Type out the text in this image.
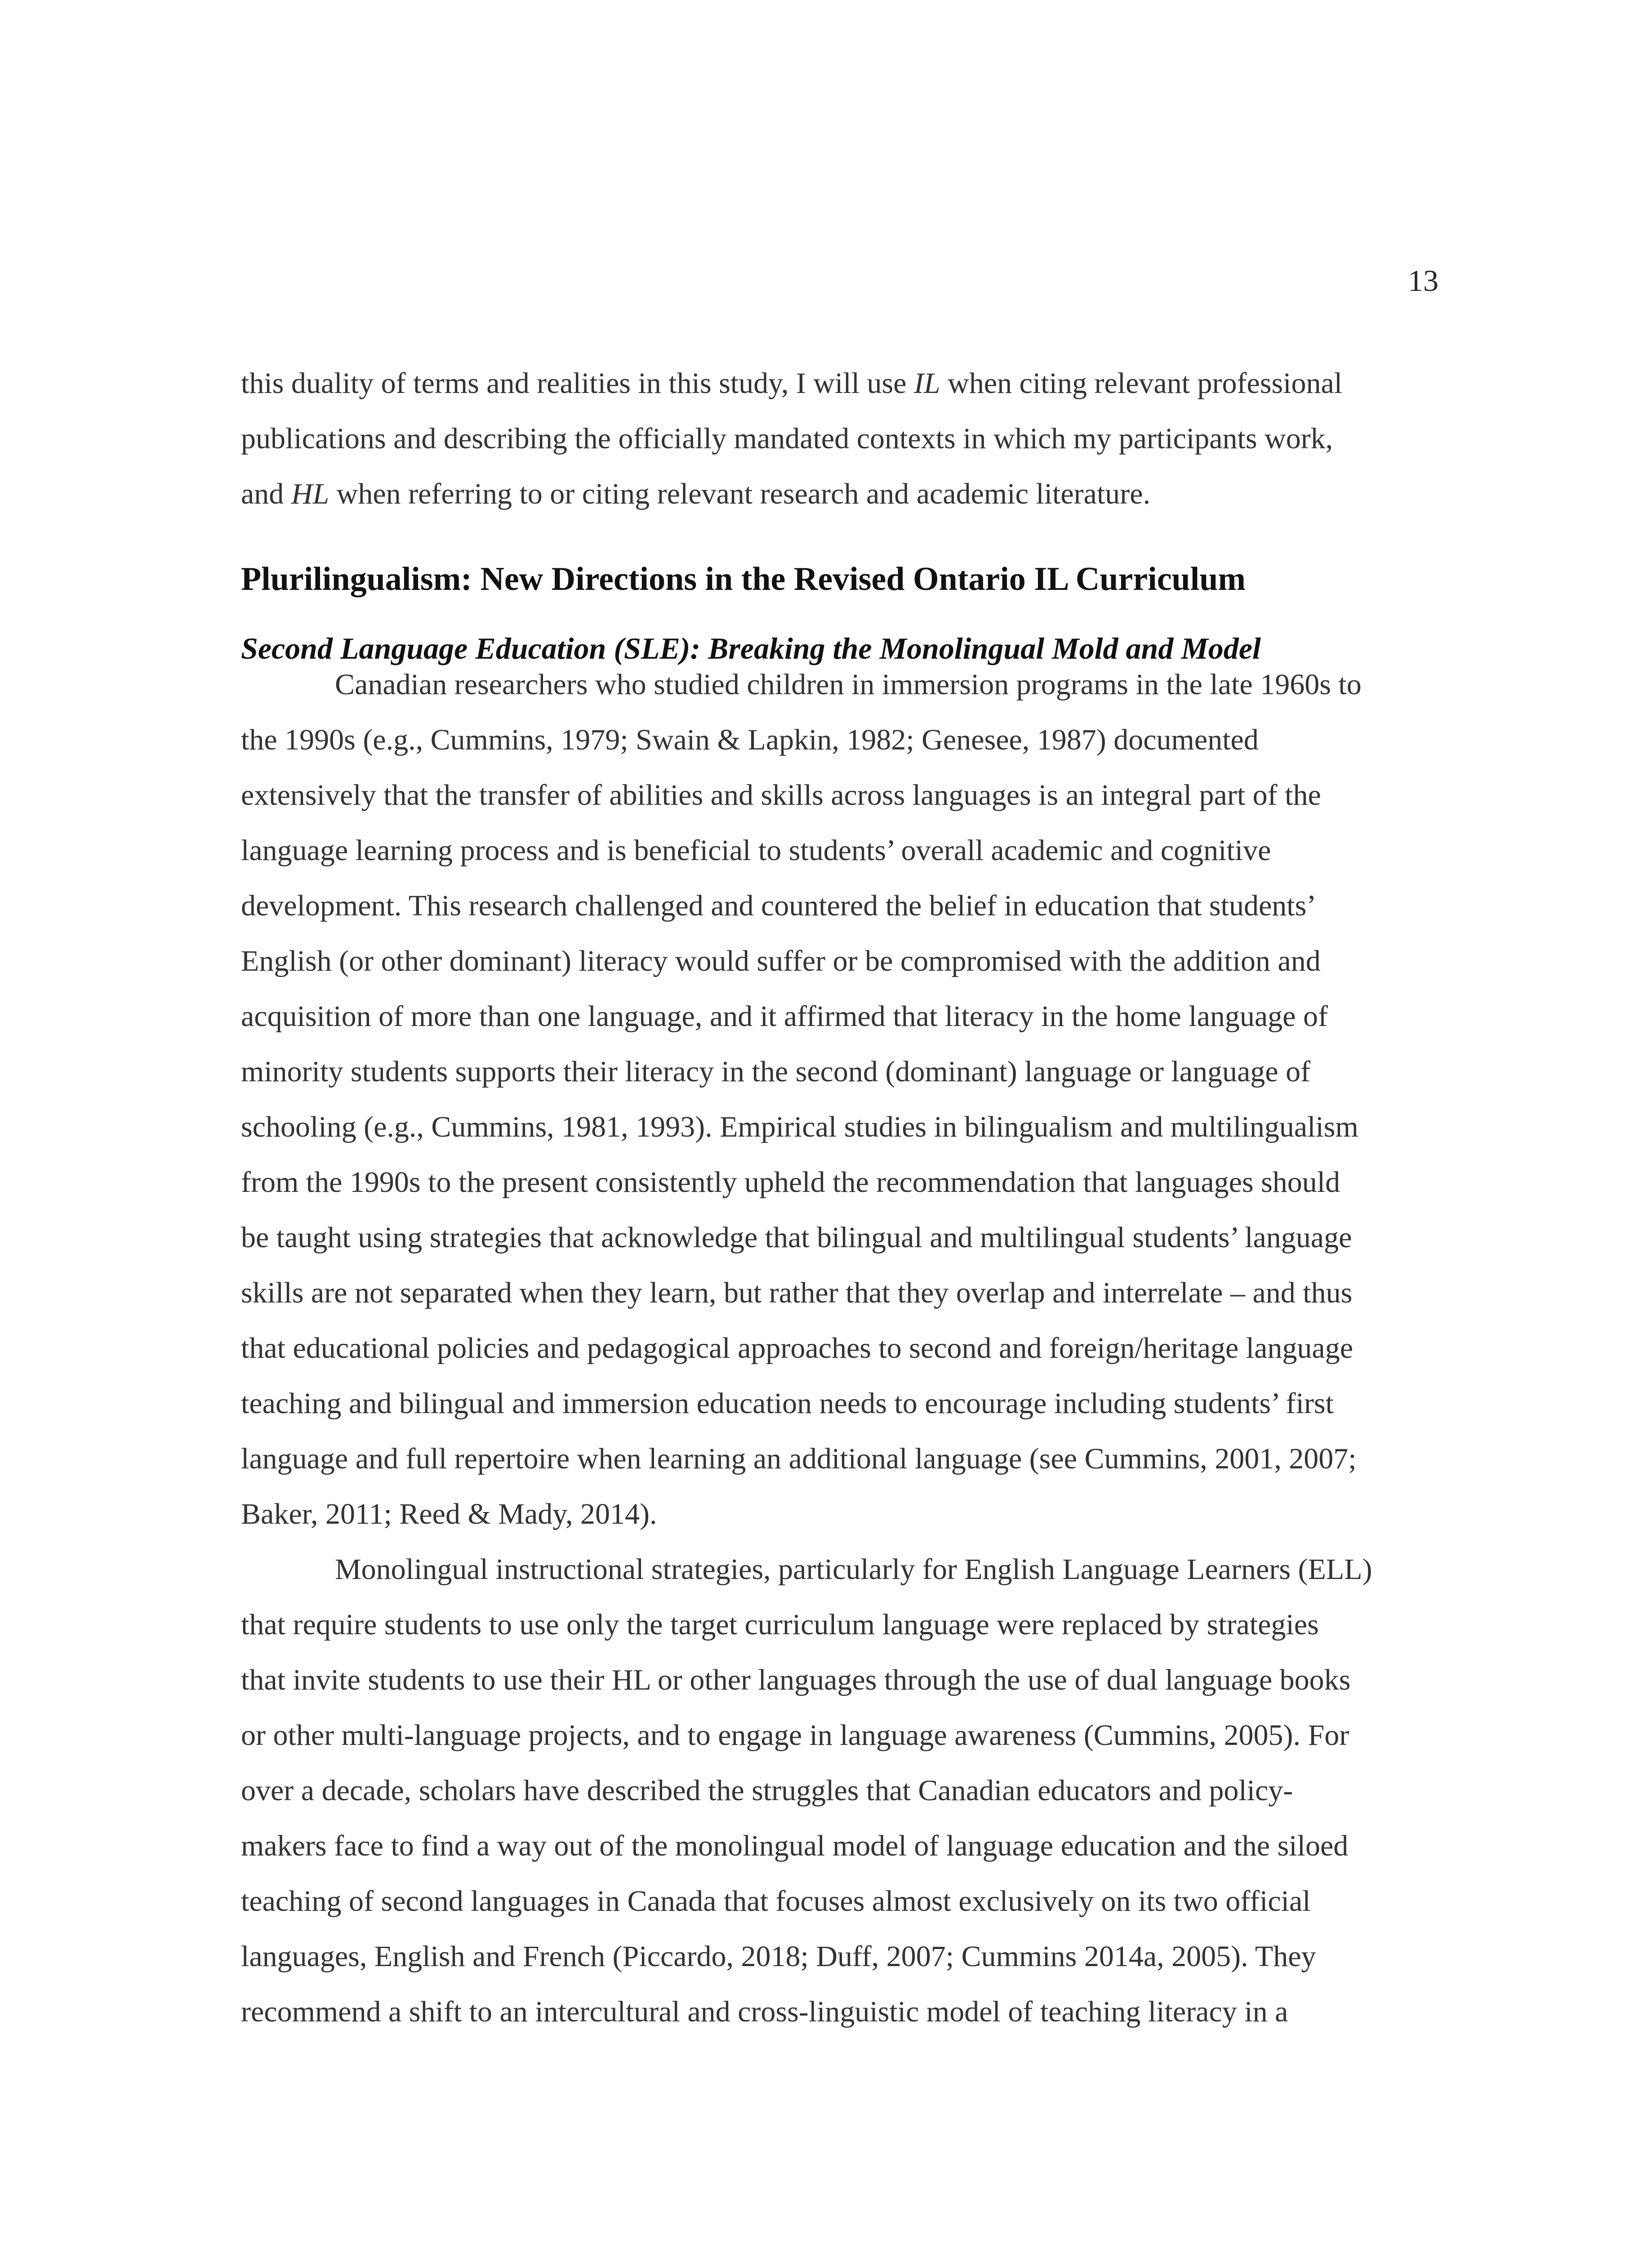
13
this duality of terms and realities in this study, I will use IL when citing relevant professional
publications and describing the officially mandated contexts in which my participants work,
and HL when referring to or citing relevant research and academic literature.
Plurilingualism: New Directions in the Revised Ontario IL Curriculum
Second Language Education (SLE): Breaking the Monolingual Mold and Model
Canadian researchers who studied children in immersion programs in the late 1960s to
the 1990s (e.g., Cummins, 1979; Swain & Lapkin, 1982; Genesee, 1987) documented
extensively that the transfer of abilities and skills across languages is an integral part of the
language learning process and is beneficial to students’ overall academic and cognitive
development. This research challenged and countered the belief in education that students’
English (or other dominant) literacy would suffer or be compromised with the addition and
acquisition of more than one language, and it affirmed that literacy in the home language of
minority students supports their literacy in the second (dominant) language or language of
schooling (e.g., Cummins, 1981, 1993). Empirical studies in bilingualism and multilingualism
from the 1990s to the present consistently upheld the recommendation that languages should
be taught using strategies that acknowledge that bilingual and multilingual students’ language
skills are not separated when they learn, but rather that they overlap and interrelate – and thus
that educational policies and pedagogical approaches to second and foreign/heritage language
teaching and bilingual and immersion education needs to encourage including students’ first
language and full repertoire when learning an additional language (see Cummins, 2001, 2007;
Baker, 2011; Reed & Mady, 2014).
Monolingual instructional strategies, particularly for English Language Learners (ELL)
that require students to use only the target curriculum language were replaced by strategies
that invite students to use their HL or other languages through the use of dual language books
or other multi-language projects, and to engage in language awareness (Cummins, 2005). For
over a decade, scholars have described the struggles that Canadian educators and policy-
makers face to find a way out of the monolingual model of language education and the siloed
teaching of second languages in Canada that focuses almost exclusively on its two official
languages, English and French (Piccardo, 2018; Duff, 2007; Cummins 2014a, 2005). They
recommend a shift to an intercultural and cross-linguistic model of teaching literacy in a
